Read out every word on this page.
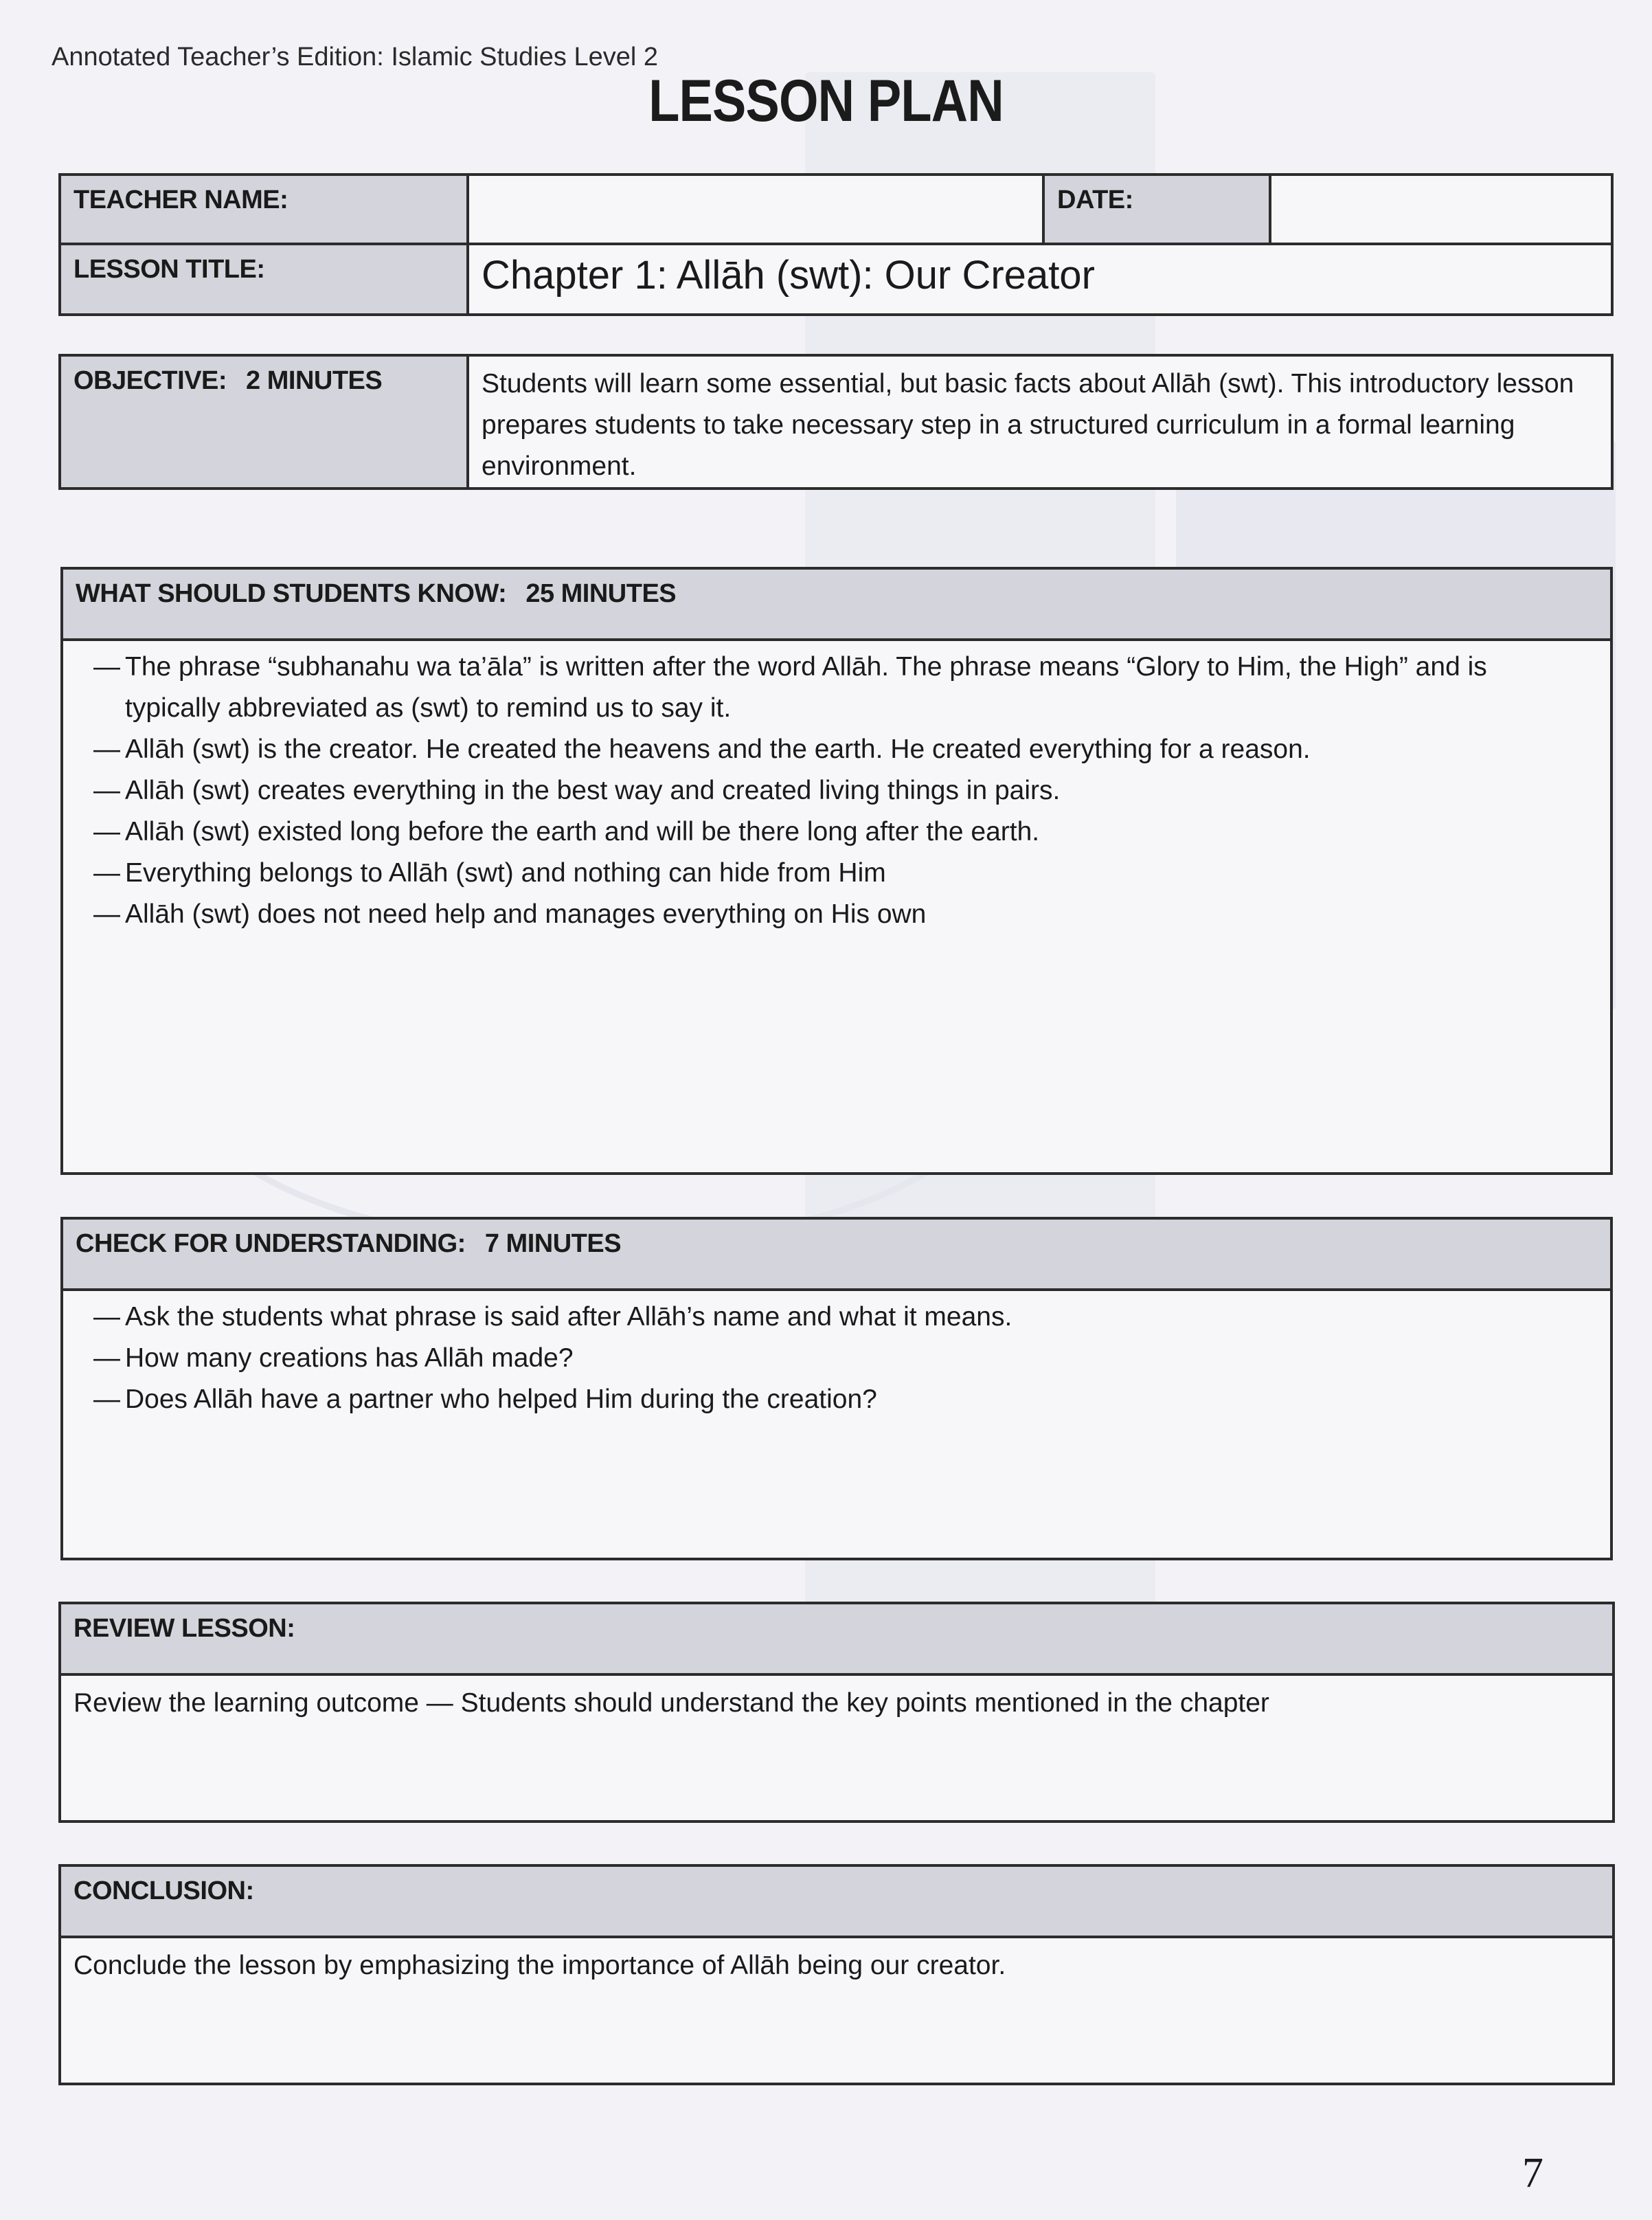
Annotated Teacher’s Edition: Islamic Studies Level 2
LESSON PLAN
TEACHER NAME:		DATE:	
LESSON TITLE:	Chapter 1: Allāh (swt): Our Creator		
OBJECTIVE: 2 MINUTES	Students will learn some essential, but basic facts about Allāh (swt). This introductory lesson prepares students to take necessary step in a structured curriculum in a formal learning environment.
WHAT SHOULD STUDENTS KNOW: 25 MINUTES

— The phrase “subhanahu wa ta’āla” is written after the word Allāh. The phrase means “Glory to Him, the High” and is typically abbreviated as (swt) to remind us to say it.
— Allāh (swt) is the creator. He created the heavens and the earth. He created everything for a reason.
— Allāh (swt) creates everything in the best way and created living things in pairs.
— Allāh (swt) existed long before the earth and will be there long after the earth.
— Everything belongs to Allāh (swt) and nothing can hide from Him
— Allāh (swt) does not need help and manages everything on His own
CHECK FOR UNDERSTANDING: 7 MINUTES

— Ask the students what phrase is said after Allāh’s name and what it means.
— How many creations has Allāh made?
— Does Allāh have a partner who helped Him during the creation?
REVIEW LESSON:

Review the learning outcome — Students should understand the key points mentioned in the chapter
CONCLUSION:

Conclude the lesson by emphasizing the importance of Allāh being our creator.
7
